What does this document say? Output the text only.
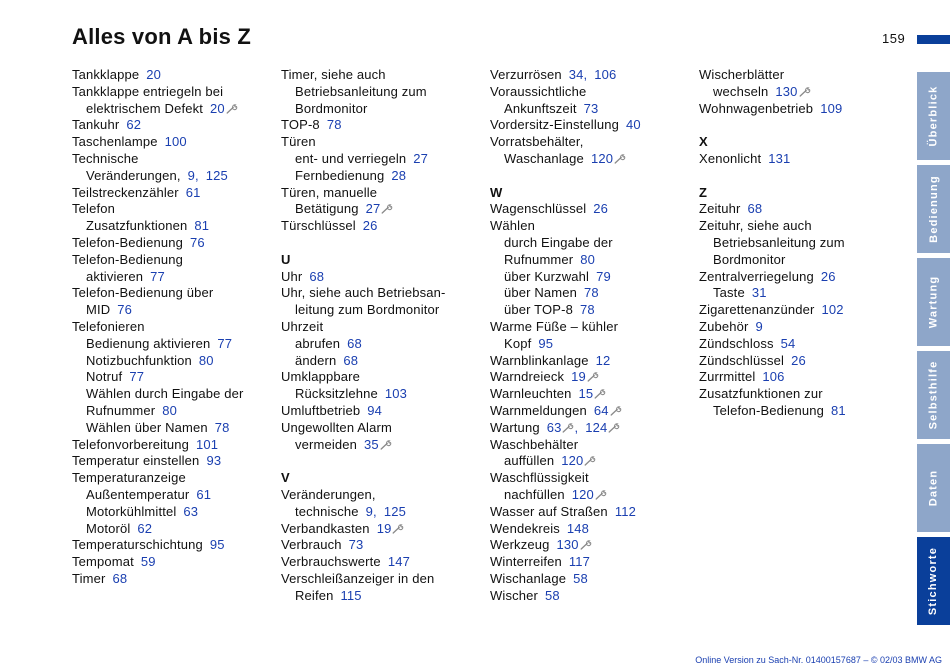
Alles von A bis Z	159
Tankklappe 20
Tankklappe entriegeln bei
elektrischem Defekt 20
Tankuhr 62
Taschenlampe 100
Technische
Veränderungen, 9, 125
Teilstreckenzähler 61
Telefon
Zusatzfunktionen 81
Telefon-Bedienung 76
Telefon-Bedienung
aktivieren 77
Telefon-Bedienung über
MID 76
Telefonieren
Bedienung aktivieren 77
Notizbuchfunktion 80
Notruf 77
Wählen durch Eingabe der
Rufnummer 80
Wählen über Namen 78
Telefonvorbereitung 101
Temperatur einstellen 93
Temperaturanzeige
Außentemperatur 61
Motorkühlmittel 63
Motoröl 62
Temperaturschichtung 95
Tempomat 59
Timer 68
Timer, siehe auch
Betriebsanleitung zum
Bordmonitor
TOP-8 78
Türen
ent- und verriegeln 27
Fernbedienung 28
Türen, manuelle
Betätigung 27
Türschlüssel 26
U
Uhr 68
Uhr, siehe auch Betriebsan-
leitung zum Bordmonitor
Uhrzeit
abrufen 68
ändern 68
Umklappbare
Rücksitzlehne 103
Umluftbetrieb 94
Ungewollten Alarm
vermeiden 35
V
Veränderungen,
technische 9, 125
Verbandkasten 19
Verbrauch 73
Verbrauchswerte 147
Verschleißanzeiger in den
Reifen 115
Verzurrösen 34, 106
Voraussichtliche
Ankunftszeit 73
Vordersitz-Einstellung 40
Vorratsbehälter,
Waschanlage 120
W
Wagenschlüssel 26
Wählen
durch Eingabe der
Rufnummer 80
über Kurzwahl 79
über Namen 78
über TOP-8 78
Warme Füße – kühler
Kopf 95
Warnblinkanlage 12
Warndreieck 19
Warnleuchten 15
Warnmeldungen 64
Wartung 63 , 124
Waschbehälter
auffüllen 120
Waschflüssigkeit
nachfüllen 120
Wasser auf Straßen 112
Wendekreis 148
Werkzeug 130
Winterreifen 117
Wischanlage 58
Wischer 58
Wischerblätter
wechseln 130
Wohnwagenbetrieb 109
X
Xenonlicht 131
Z
Zeituhr 68
Zeituhr, siehe auch
Betriebsanleitung zum
Bordmonitor
Zentralverriegelung 26
Taste 31
Zigarettenanzünder 102
Zubehör 9
Zündschloss 54
Zündschlüssel 26
Zurrmittel 106
Zusatzfunktionen zur
Telefon-Bedienung 81
Überblick
Bedienung
Wartung
Selbsthilfe
Daten
Stichworte
Online Version zu Sach-Nr. 01400157687 – © 02/03 BMW AG
